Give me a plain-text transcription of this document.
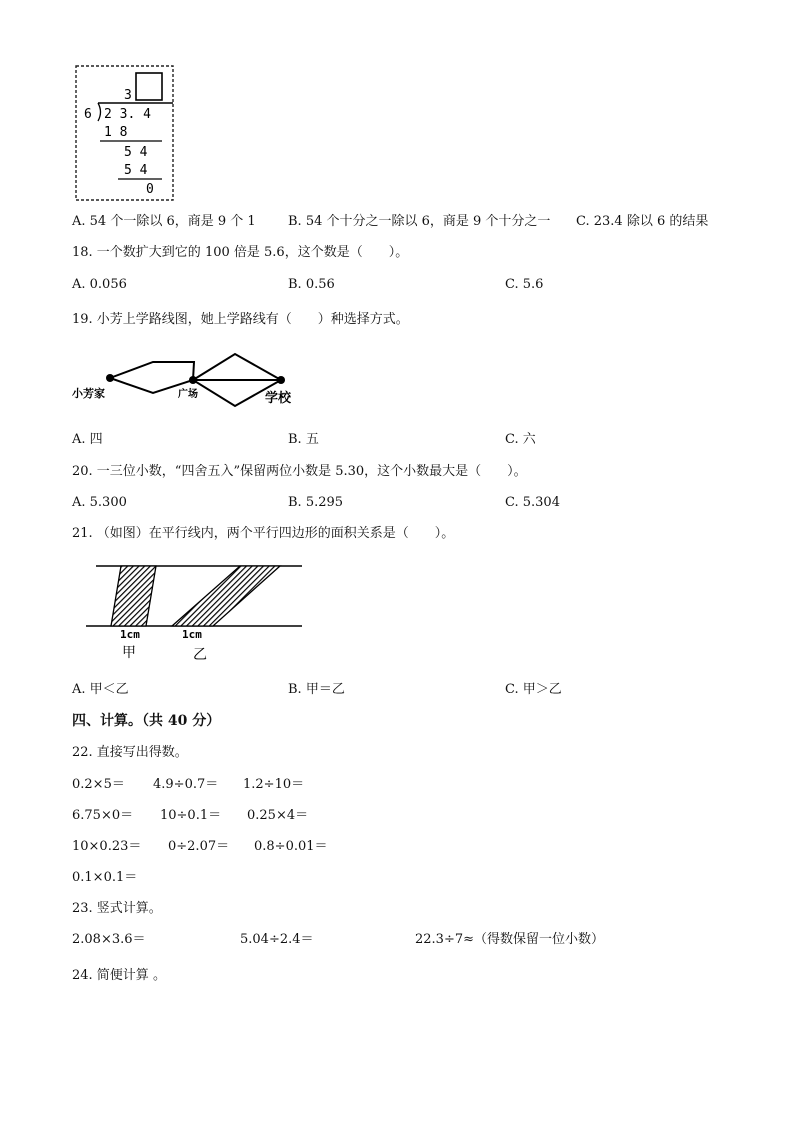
3
6 2 3. 4
1 8
5 4
5 4
0
A. 54 个一除以 6，商是 9 个 1 B. 54 个十分之一除以 6，商是 9 个十分之一 C. 23.4 除以 6 的结果
18. 一个数扩大到它的 100 倍是 5.6，这个数是（　　）。
A. 0.056	B. 0.56	C. 5.6
19. 小芳上学路线图，她上学路线有（　　）种选择方式。
小芳家	广场	学校
A. 四	B. 五	C. 六
20. 一三位小数，“四舍五入”保留两位小数是 5.30，这个小数最大是（　　）。
A. 5.300	B. 5.295	C. 5.304
21. （如图）在平行线内，两个平行四边形的面积关系是（　　）。
1cm	1cm
甲	乙
A. 甲＜乙	B. 甲＝乙	C. 甲＞乙
四、计算。（共 40 分）
22. 直接写出得数。
0.2×5＝ 4.9÷0.7＝ 1.2÷10＝
6.75×0＝ 10÷0.1＝ 0.25×4＝
10×0.23＝ 0÷2.07＝ 0.8÷0.01＝
0.1×0.1＝
23. 竖式计算。
2.08×3.6＝	5.04÷2.4＝	22.3÷7≈（得数保留一位小数）
24. 简便计算 。
